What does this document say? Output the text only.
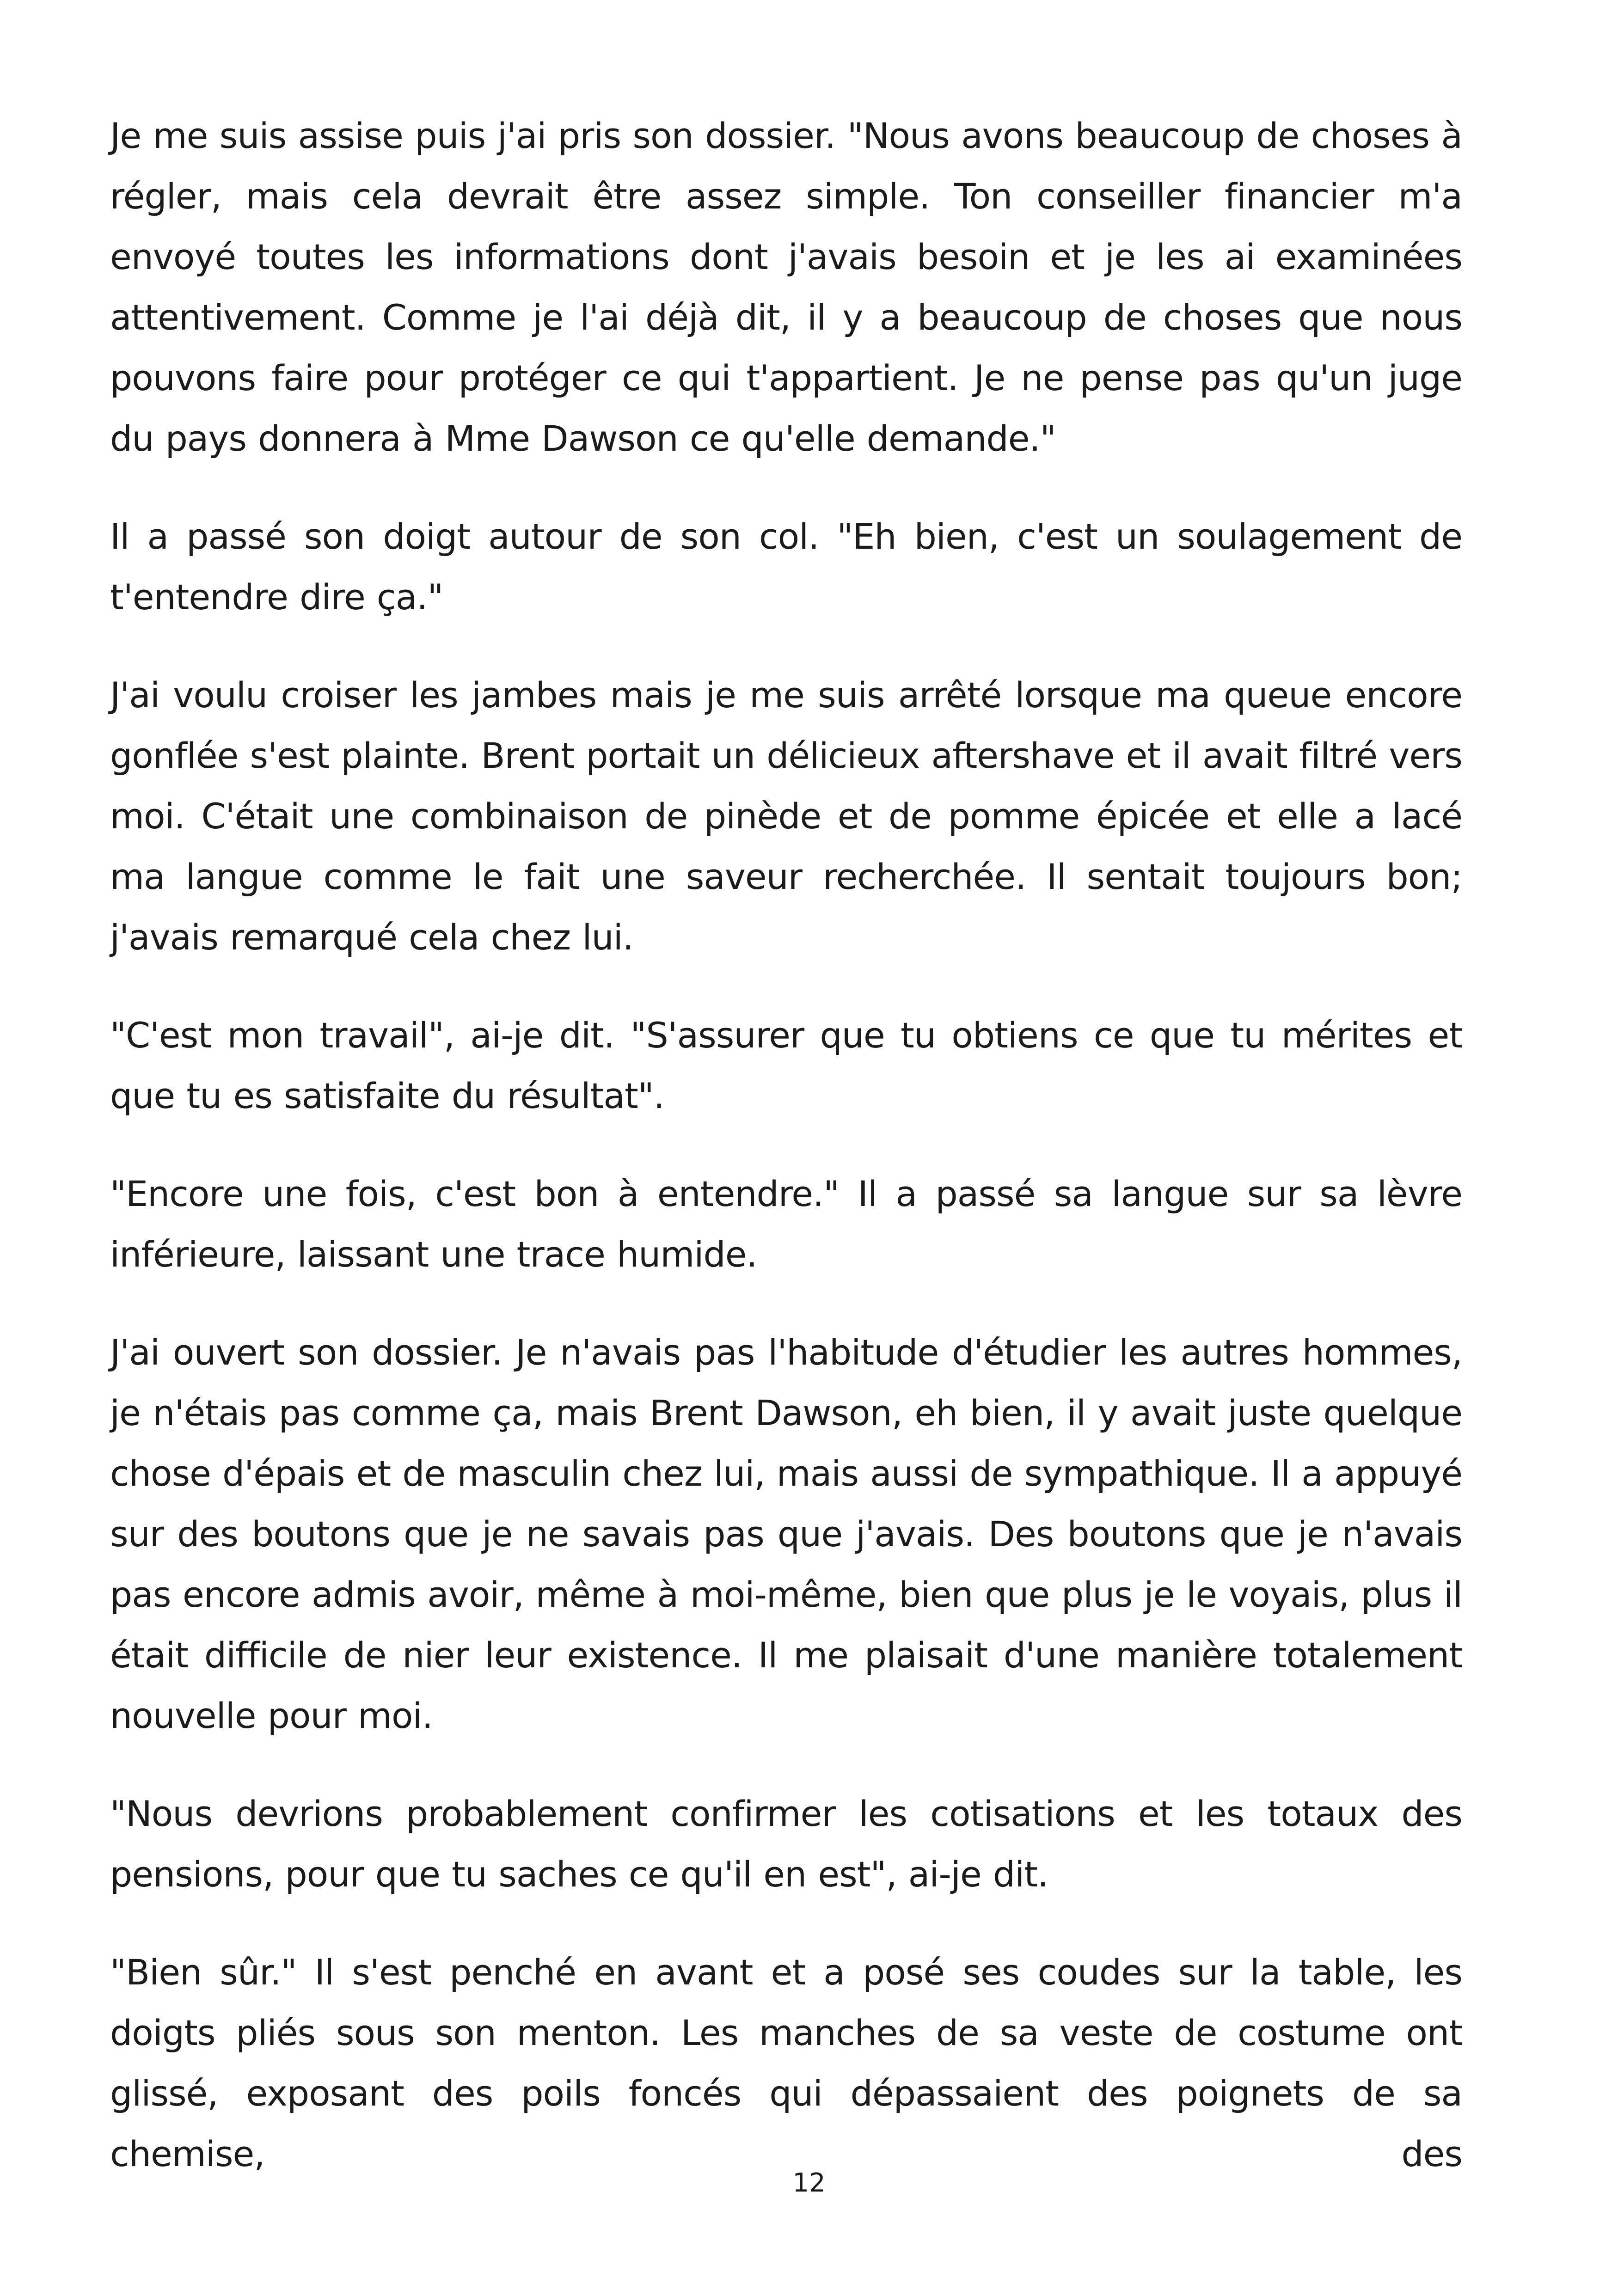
Je me suis assise puis j'ai pris son dossier. "Nous avons beaucoup de choses à régler, mais cela devrait être assez simple. Ton conseiller financier m'a envoyé toutes les informations dont j'avais besoin et je les ai examinées attentivement. Comme je l'ai déjà dit, il y a beaucoup de choses que nous pouvons faire pour protéger ce qui t'appartient. Je ne pense pas qu'un juge du pays donnera à Mme Dawson ce qu'elle demande."

Il a passé son doigt autour de son col. "Eh bien, c'est un soulagement de t'entendre dire ça."

J'ai voulu croiser les jambes mais je me suis arrêté lorsque ma queue encore gonflée s'est plainte. Brent portait un délicieux aftershave et il avait filtré vers moi. C'était une combinaison de pinède et de pomme épicée et elle a lacé ma langue comme le fait une saveur recherchée. Il sentait toujours bon; j'avais remarqué cela chez lui.

"C'est mon travail", ai-je dit. "S'assurer que tu obtiens ce que tu mérites et que tu es satisfaite du résultat".

"Encore une fois, c'est bon à entendre." Il a passé sa langue sur sa lèvre inférieure, laissant une trace humide.

J'ai ouvert son dossier. Je n'avais pas l'habitude d'étudier les autres hommes, je n'étais pas comme ça, mais Brent Dawson, eh bien, il y avait juste quelque chose d'épais et de masculin chez lui, mais aussi de sympathique. Il a appuyé sur des boutons que je ne savais pas que j'avais. Des boutons que je n'avais pas encore admis avoir, même à moi-même, bien que plus je le voyais, plus il était difficile de nier leur existence. Il me plaisait d'une manière totalement nouvelle pour moi.

"Nous devrions probablement confirmer les cotisations et les totaux des pensions, pour que tu saches ce qu'il en est", ai-je dit.

"Bien sûr." Il s'est penché en avant et a posé ses coudes sur la table, les doigts pliés sous son menton. Les manches de sa veste de costume ont glissé, exposant des poils foncés qui dépassaient des poignets de sa chemise, des

12
